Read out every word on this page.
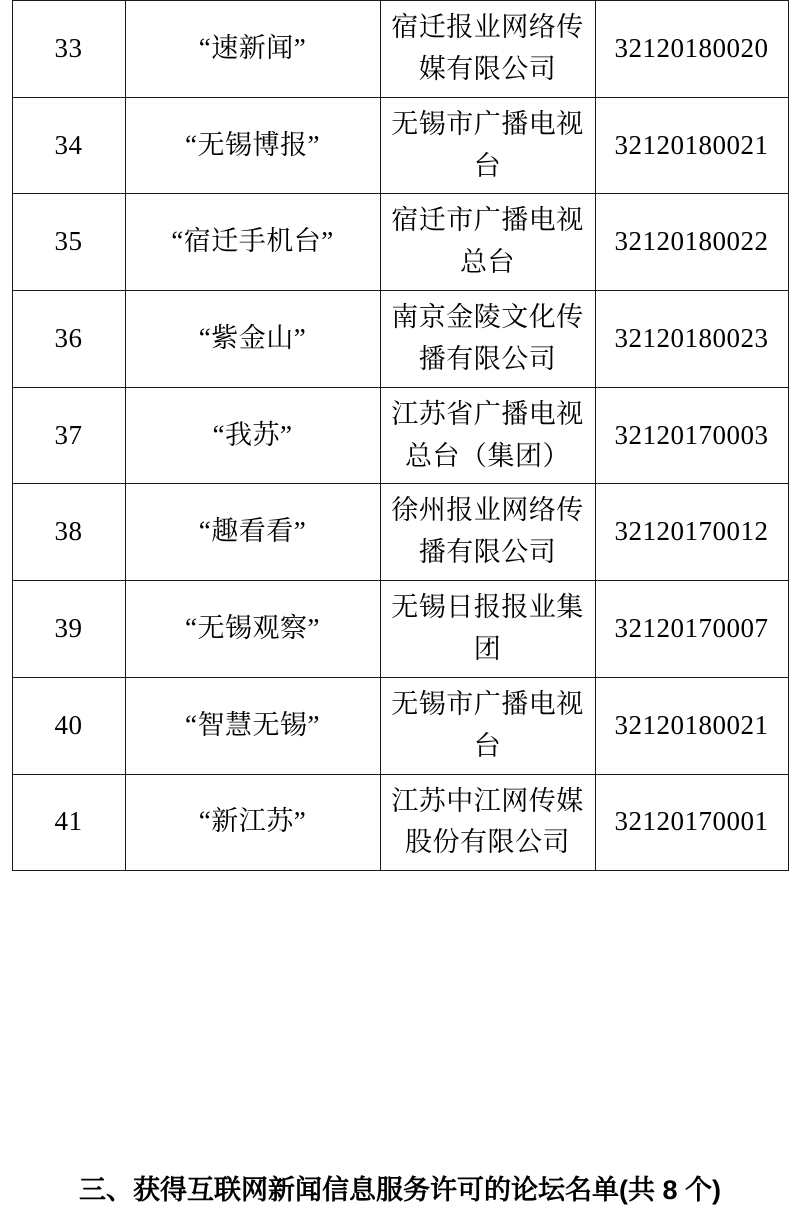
33	“速新闻”	宿迁报业网络传媒有限公司	32120180020
34	“无锡博报”	无锡市广播电视台	32120180021
35	“宿迁手机台”	宿迁市广播电视总台	32120180022
36	“紫金山”	南京金陵文化传播有限公司	32120180023
37	“我苏”	江苏省广播电视总台（集团）	32120170003
38	“趣看看”	徐州报业网络传播有限公司	32120170012
39	“无锡观察”	无锡日报报业集团	32120170007
40	“智慧无锡”	无锡市广播电视台	32120180021
41	“新江苏”	江苏中江网传媒股份有限公司	32120170001
三、获得互联网新闻信息服务许可的论坛名单(共 8 个)
